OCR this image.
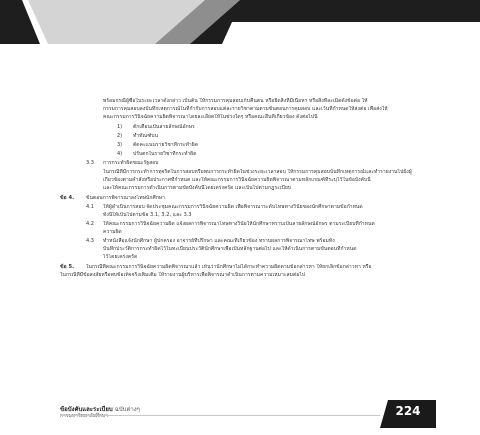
พร้อมกรณีผู้ซื้อในระยะเวลาดังกล่าว เป็นต้น ให้กรรมการคุมสอบเก็บคืนตน หรือยึดสิ่งที่มีเนื้อหา หรือสิ่งที่ละเมิดดังข้อต่อ ให้
กรรมการคุมสอบลงบันทึกเหตุการณ์ในที่กำกับการสอบแต่ละรายวิชาตามตามขั้นตอนการคุมสอบ และเว้นที่กำหนดให้ส่งต่อ เพื่อส่งให้
คณะกรรมการวินิจฉัยความผิดพิจารณาโดยละเอียดให้ในช่วงใดๆ หรือคณะอื่นที่เกี่ยวข้อง ดังต่อไปนี้
1) ตักเตือนเป็นลายลักษณ์อักษร
2) ทำทัณฑ์บน
3) ตัดคะแนนรายวิชาที่กระทำผิด
4) ปรับตกในรายวิชาที่กระทำผิด
3.3 การกระทำผิดขณะรัฐสอบ
ในกรณีที่มีการกระทำการทุจริตในการสอบหรือพบการกระทำผิดในช่วงระยะเวลาสอบ ให้กรรมการคุมสอบบันทึกเหตุการณ์และทำรายงานไปยังผู้
เกี่ยวข้องตามคำสั่งหรือประกาศที่กำหนด และให้คณะกรรมการวินิจฉัยความผิดพิจารณาตามหลักเกณฑ์ที่ระบุไว้ในข้อบังคับนี้
และให้คณะกรรมการดำเนินการตามข้อบังคับนี้โดยเคร่งครัด และเป็นไปตามกฎระเบียบ
ข้อ 4. ขั้นตอนการพิจารณาลงโทษนักศึกษา
4.1 ให้ผู้ดำเนินการสอบ จัดประชุมคณะกรรมการวินิจฉัยความผิด เพื่อพิจารณาระดับโทษทางวินัยของนักศึกษาตามข้อกำหนด
ทั้งนี้ให้เป็นไปตามข้อ 3.1, 3.2, และ 3.3
4.2 ให้คณะกรรมการวินิจฉัยความผิด แจ้งผลการพิจารณาโทษทางวินัยให้นักศึกษาทราบเป็นลายลักษณ์อักษร ตามระเบียบที่กำหนด
ความผิด
4.3 ทำหนังสือแจ้งนักศึกษา ผู้ปกครอง อาจารย์ที่ปรึกษา และคณะที่เกี่ยวข้อง ทราบผลการพิจารณาโทษ พร้อมทั้ง
บันทึกประวัติการกระทำผิดไว้ในทะเบียนประวัตินักศึกษาเพื่อเป็นหลักฐานต่อไป และให้ดำเนินการตามขั้นตอนที่กำหนด
ไว้โดยเคร่งครัด
ข้อ 5. ในกรณีที่คณะกรรมการวินิจฉัยความผิดพิจารณาแล้ว เห็นว่านักศึกษาไม่ได้กระทำความผิดตามข้อกล่าวหา ให้ยกเลิกข้อกล่าวหา หรือ
ในกรณีที่มีข้อสงสัยหรือพบข้อเท็จจริงเพิ่มเติม ให้รายงานผู้บริหารเพื่อพิจารณาดำเนินการตามความเหมาะสมต่อไป
ข้อบังคับและระเบียบ ฉบับต่างๆ
การมหาวิทยาลัยศึกษา	224
